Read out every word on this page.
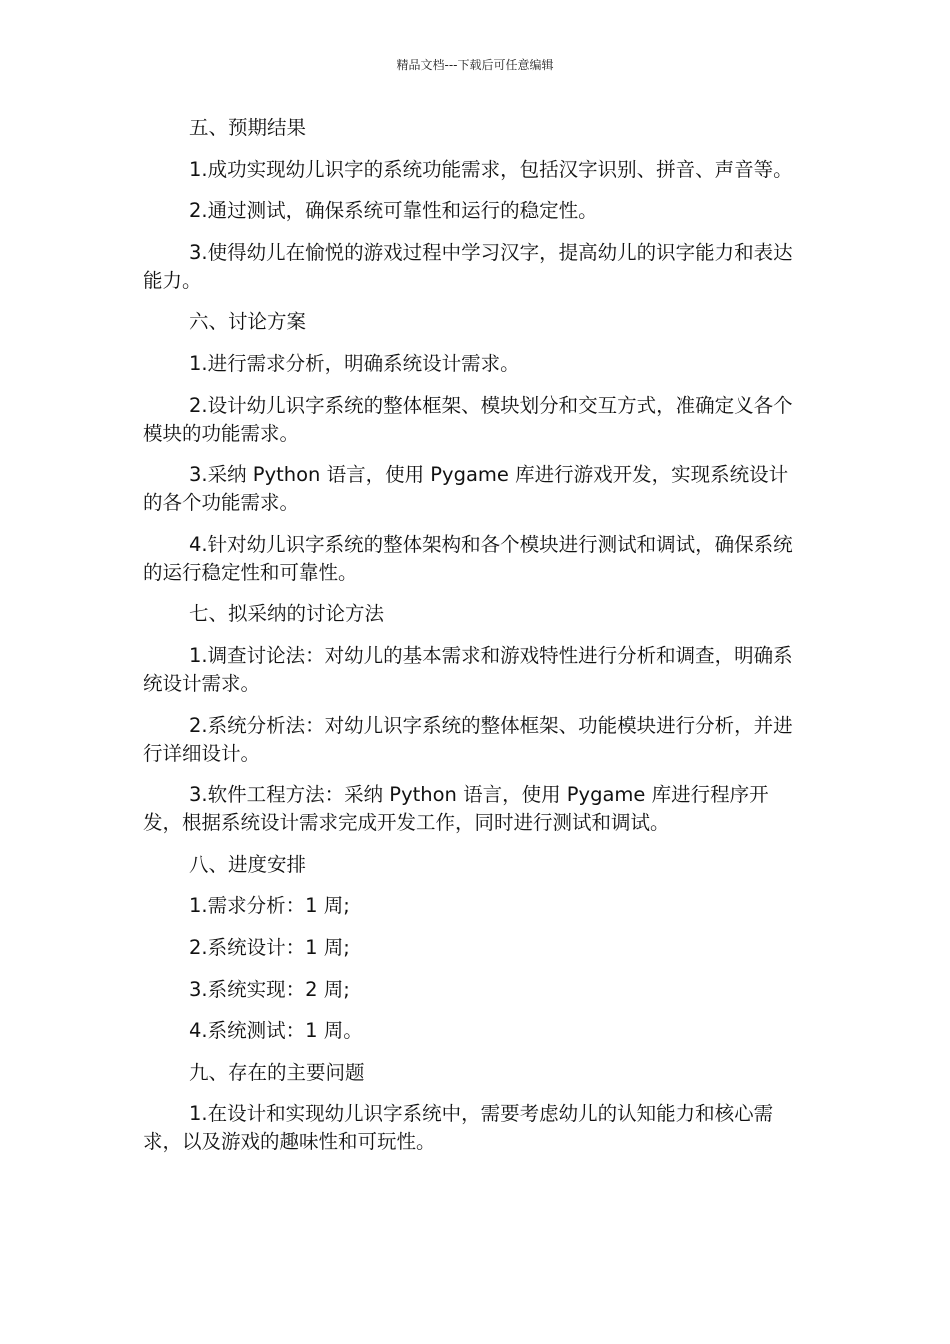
精品文档---下载后可任意编辑

五、预期结果

1.成功实现幼儿识字的系统功能需求，包括汉字识别、拼音、声音等。

2.通过测试，确保系统可靠性和运行的稳定性。

3.使得幼儿在愉悦的游戏过程中学习汉字，提高幼儿的识字能力和表达能力。

六、讨论方案

1.进行需求分析，明确系统设计需求。

2.设计幼儿识字系统的整体框架、模块划分和交互方式，准确定义各个模块的功能需求。

3.采纳 Python 语言，使用 Pygame 库进行游戏开发，实现系统设计的各个功能需求。

4.针对幼儿识字系统的整体架构和各个模块进行测试和调试，确保系统的运行稳定性和可靠性。

七、拟采纳的讨论方法

1.调查讨论法：对幼儿的基本需求和游戏特性进行分析和调查，明确系统设计需求。

2.系统分析法：对幼儿识字系统的整体框架、功能模块进行分析，并进行详细设计。

3.软件工程方法：采纳 Python 语言，使用 Pygame 库进行程序开发，根据系统设计需求完成开发工作，同时进行测试和调试。

八、进度安排

1.需求分析：1 周;

2.系统设计：1 周;

3.系统实现：2 周;

4.系统测试：1 周。

九、存在的主要问题

1.在设计和实现幼儿识字系统中，需要考虑幼儿的认知能力和核心需求，以及游戏的趣味性和可玩性。
